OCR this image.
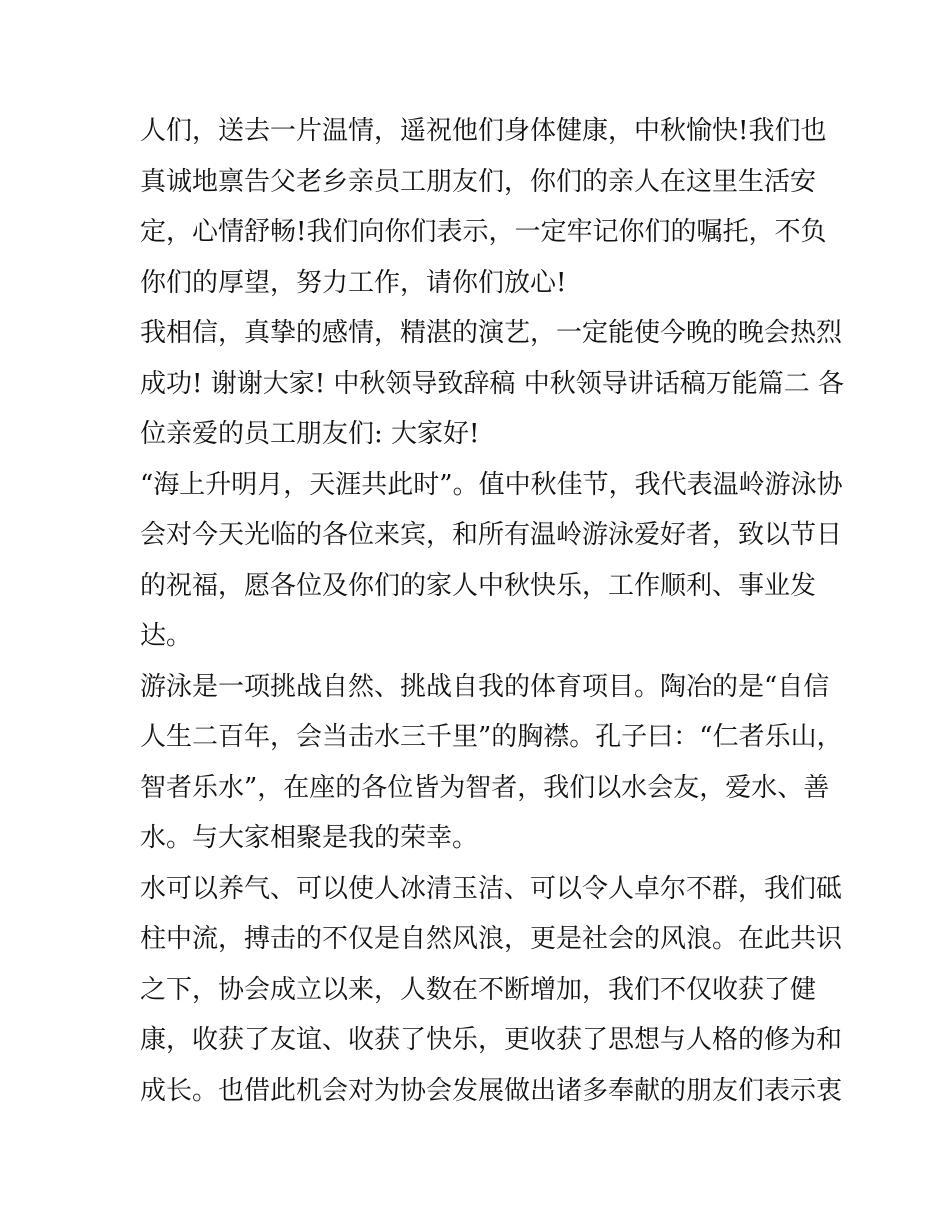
人们，送去一片温情，遥祝他们身体健康，中秋愉快!我们也
真诚地禀告父老乡亲员工朋友们，你们的亲人在这里生活安
定，心情舒畅!我们向你们表示，一定牢记你们的嘱托，不负
你们的厚望，努力工作，请你们放心!
我相信，真挚的感情，精湛的演艺，一定能使今晚的晚会热烈
成功! 谢谢大家! 中秋领导致辞稿 中秋领导讲话稿万能篇二 各
位亲爱的员工朋友们: 大家好!
“海上升明月，天涯共此时”。值中秋佳节，我代表温岭游泳协
会对今天光临的各位来宾，和所有温岭游泳爱好者，致以节日
的祝福，愿各位及你们的家人中秋快乐，工作顺利、事业发
达。
游泳是一项挑战自然、挑战自我的体育项目。陶冶的是“自信
人生二百年，会当击水三千里”的胸襟。孔子曰：“仁者乐山，
智者乐水”，在座的各位皆为智者，我们以水会友，爱水、善
水。与大家相聚是我的荣幸。
水可以养气、可以使人冰清玉洁、可以令人卓尔不群，我们砥
柱中流，搏击的不仅是自然风浪，更是社会的风浪。在此共识
之下，协会成立以来，人数在不断增加，我们不仅收获了健
康，收获了友谊、收获了快乐，更收获了思想与人格的修为和
成长。也借此机会对为协会发展做出诸多奉献的朋友们表示衷
